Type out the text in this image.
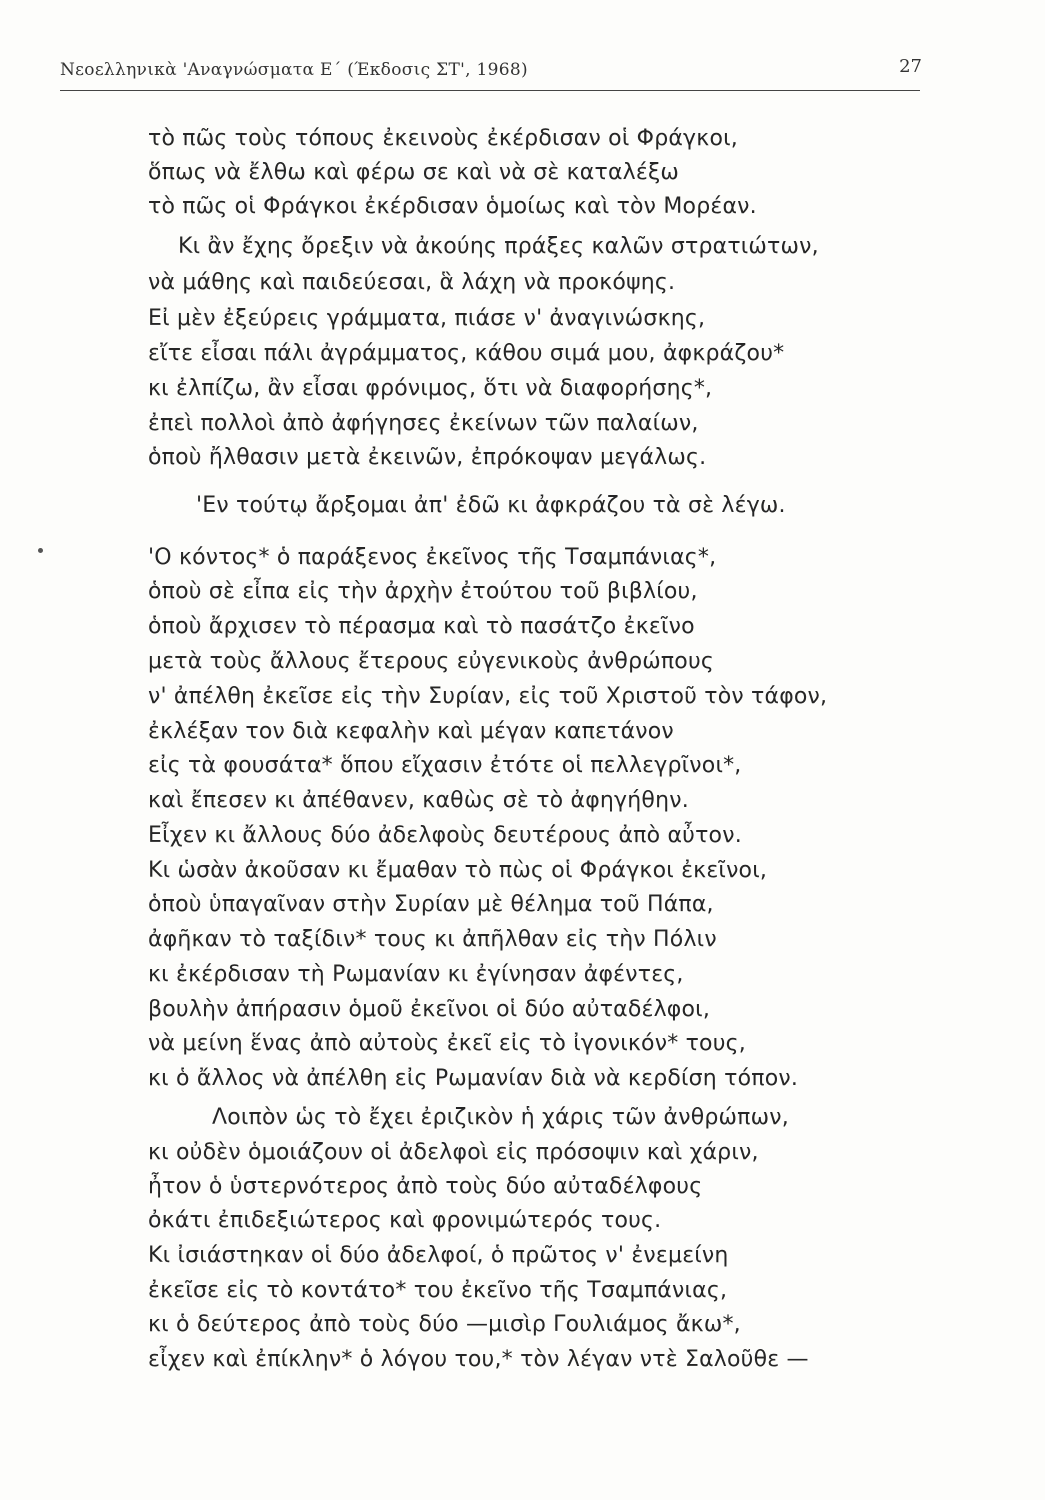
Νεοελληνικὰ 'Αναγνώσματα Ε΄ (Έκδοσις ΣΤ', 1968)	27
τὸ πῶς τοὺς τόπους ἐκεινοὺς ἐκέρδισαν οἱ Φράγκοι,
ὅπως νὰ ἔλθω καὶ φέρω σε καὶ νὰ σὲ καταλέξω
τὸ πῶς οἱ Φράγκοι ἐκέρδισαν ὁμοίως καὶ τὸν Μορέαν.
Κι ἂν ἔχης ὄρεξιν νὰ ἀκούης πράξες καλῶν στρατιώτων,
νὰ μάθης καὶ παιδεύεσαι, ἃ λάχη νὰ προκόψης.
Εἰ μὲν ἐξεύρεις γράμματα, πιάσε ν' ἀναγινώσκης,
εἴτε εἶσαι πάλι ἀγράμματος, κάθου σιμά μου, ἀφκράζου*
κι ἐλπίζω, ἂν εἶσαι φρόνιμος, ὅτι νὰ διαφορήσης*,
ἐπεὶ πολλοὶ ἀπὸ ἀφήγησες ἐκείνων τῶν παλαίων,
ὁποὺ ἤλθασιν μετὰ ἐκεινῶν, ἐπρόκοψαν μεγάλως.
'Εν τούτῳ ἄρξομαι ἀπ' ἐδῶ κι ἀφκράζου τὰ σὲ λέγω.
'Ο κόντος* ὁ παράξενος ἐκεῖνος τῆς Τσαμπάνιας*,
ὁποὺ σὲ εἶπα εἰς τὴν ἀρχὴν ἐτούτου τοῦ βιβλίου,
ὁποὺ ἄρχισεν τὸ πέρασμα καὶ τὸ πασάτζο ἐκεῖνο
μετὰ τοὺς ἄλλους ἔτερους εὐγενικοὺς ἀνθρώπους
ν' ἀπέλθη ἐκεῖσε εἰς τὴν Συρίαν, εἰς τοῦ Χριστοῦ τὸν τάφον,
ἐκλέξαν τον διὰ κεφαλὴν καὶ μέγαν καπετάνον
εἰς τὰ φουσάτα* ὅπου εἴχασιν ἐτότε οἱ πελλεγρῖνοι*,
καὶ ἔπεσεν κι ἀπέθανεν, καθὼς σὲ τὸ ἀφηγήθην.
Εἶχεν κι ἄλλους δύο ἀδελφοὺς δευτέρους ἀπὸ αὖτον.
Κι ὡσὰν ἀκοῦσαν κι ἔμαθαν τὸ πὼς οἱ Φράγκοι ἐκεῖνοι,
ὁποὺ ὑπαγαῖναν στὴν Συρίαν μὲ θέλημα τοῦ Πάπα,
ἀφῆκαν τὸ ταξίδιν* τους κι ἀπῆλθαν εἰς τὴν Πόλιν
κι ἐκέρδισαν τὴ Ρωμανίαν κι ἐγίνησαν ἀφέντες,
βουλὴν ἀπήρασιν ὁμοῦ ἐκεῖνοι οἱ δύο αὐταδέλφοι,
νὰ μείνη ἕνας ἀπὸ αὐτοὺς ἐκεῖ εἰς τὸ ἰγονικόν* τους,
κι ὁ ἄλλος νὰ ἀπέλθη εἰς Ρωμανίαν διὰ νὰ κερδίση τόπον.
Λοιπὸν ὡς τὸ ἔχει ἐριζικὸν ἡ χάρις τῶν ἀνθρώπων,
κι οὐδὲν ὁμοιάζουν οἱ ἀδελφοὶ εἰς πρόσοψιν καὶ χάριν,
ἦτον ὁ ὑστερνότερος ἀπὸ τοὺς δύο αὐταδέλφους
ὀκάτι ἐπιδεξιώτερος καὶ φρονιμώτερός τους.
Κι ἰσιάστηκαν οἱ δύο ἀδελφοί, ὁ πρῶτος ν' ἐνεμείνη
ἐκεῖσε εἰς τὸ κοντάτο* του ἐκεῖνο τῆς Τσαμπάνιας,
κι ὁ δεύτερος ἀπὸ τοὺς δύο —μισὶρ Γουλιάμος ἄκω*,
εἶχεν καὶ ἐπίκλην* ὁ λόγου του,* τὸν λέγαν ντὲ Σαλοῦθε —
